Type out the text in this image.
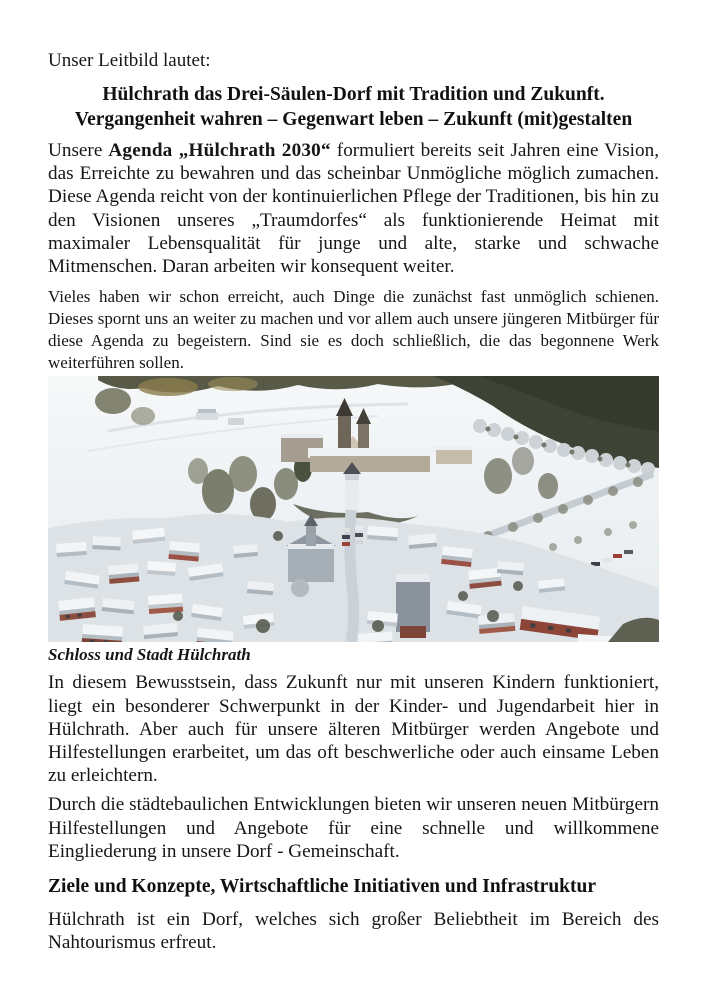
Unser Leitbild lautet:

Hülchrath das Drei-Säulen-Dorf mit Tradition und Zukunft.
Vergangenheit wahren – Gegenwart leben – Zukunft (mit)gestalten

Unsere Agenda „Hülchrath 2030“ formuliert bereits seit Jahren eine Vision, das Erreichte zu bewahren und das scheinbar Unmögliche möglich zumachen. Diese Agenda reicht von der kontinuierlichen Pflege der Traditionen, bis hin zu den Visionen unseres „Traumdorfes“ als funktionierende Heimat mit maximaler Lebensqualität für junge und alte, starke und schwache Mitmenschen. Daran arbeiten wir konsequent weiter.

Vieles haben wir schon erreicht, auch Dinge die zunächst fast unmöglich schienen. Dieses spornt uns an weiter zu machen und vor allem auch unsere jüngeren Mitbürger für diese Agenda zu begeistern. Sind sie es doch schließlich, die das begonnene Werk weiterführen sollen.

Schloss und Stadt Hülchrath

In diesem Bewusstsein, dass Zukunft nur mit unseren Kindern funktioniert, liegt ein besonderer Schwerpunkt in der Kinder- und Jugendarbeit hier in Hülchrath. Aber auch für unsere älteren Mitbürger werden Angebote und Hilfestellungen erarbeitet, um das oft beschwerliche oder auch einsame Leben zu erleichtern.

Durch die städtebaulichen Entwicklungen bieten wir unseren neuen Mitbürgern Hilfestellungen und Angebote für eine schnelle und willkommene Eingliederung in unsere Dorf - Gemeinschaft.

Ziele und Konzepte, Wirtschaftliche Initiativen und Infrastruktur

Hülchrath ist ein Dorf, welches sich großer Beliebtheit im Bereich des Nahtourismus erfreut.
